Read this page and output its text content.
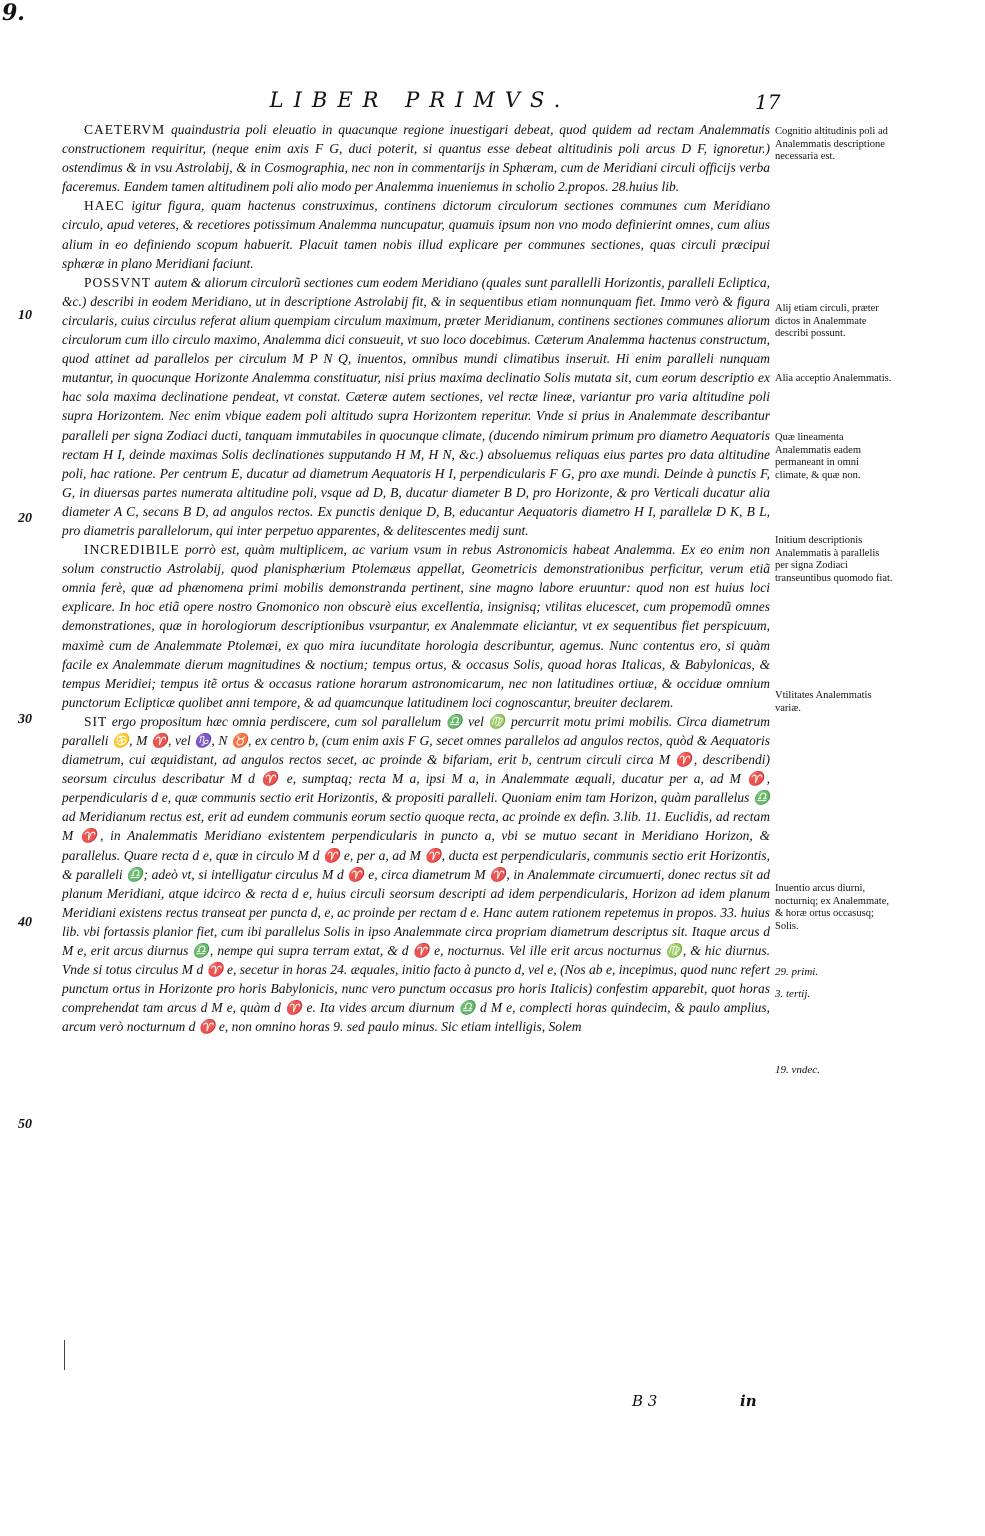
9.
LIBER PRIMVS.	17

CAETERVM quaindustria poli eleuatio in quacunque regione inuestigari debeat, quod quidem ad rectam Analemmatis constructionem requiritur, (neque enim axis F G, duci poterit, si quantus esse debeat altitudinis poli arcus D F, ignoretur.) ostendimus & in vsu Astrolabij, & in Cosmographia, nec non in commentarijs in Sphæram, cum de Meridiani circuli officijs verba faceremus. Eandem tamen altitudinem poli alio modo per Analemma inueniemus in scholio 2.propos. 28.huius lib.

HAEC igitur figura, quam hactenus construximus, continens dictorum circulorum sectiones communes cum Meridiano circulo, apud veteres, & recetiores potissimum Analemma nuncupatur, quamuis ipsum non vno modo definierint omnes, cum alius alium in eo definiendo scopum habuerit. Placuit tamen nobis illud explicare per communes sectiones, quas circuli præcipui sphæræ in plano Meridiani faciunt.

POSSVNT autem & aliorum circulorũ sectiones cum eodem Meridiano (quales sunt parallelli Horizontis, paralleli Ecliptica, &c.) describi in eodem Meridiano, ut in descriptione Astrolabij fit, & in sequentibus etiam nonnunquam fiet. Immo verò & figura circularis, cuius circulus referat alium quempiam circulum maximum, præter Meridianum, continens sectiones communes aliorum circulorum cum illo circulo maximo, Analemma dici consueuit, vt suo loco docebimus. Cæterum Analemma hactenus constructum, quod attinet ad parallelos per circulum M P N Q, inuentos, omnibus mundi climatibus inseruit. Hi enim paralleli nunquam mutantur, in quocunque Horizonte Analemma constituatur, nisi prius maxima declinatio Solis mutata sit, cum eorum descriptio ex hac sola maxima declinatione pendeat, vt constat. Cæteræ autem sectiones, vel rectæ lineæ, variantur pro varia altitudine poli supra Horizontem. Nec enim vbique eadem poli altitudo supra Horizontem reperitur. Vnde si prius in Analemmate describantur paralleli per signa Zodiaci ducti, tanquam immutabiles in quocunque climate, (ducendo nimirum primum pro diametro Aequatoris rectam H I, deinde maximas Solis declinationes supputando H M, H N, &c.) absoluemus reliquas eius partes pro data altitudine poli, hac ratione. Per centrum E, ducatur ad diametrum Aequatoris H I, perpendicularis F G, pro axe mundi. Deinde à punctis F, G, in diuersas partes numerata altitudine poli, vsque ad D, B, ducatur diameter B D, pro Horizonte, & pro Verticali ducatur alia diameter A C, secans B D, ad angulos rectos. Ex punctis denique D, B, educantur Aequatoris diametro H I, parallelæ D K, B L, pro diametris parallelorum, qui inter perpetuo apparentes, & delitescentes medij sunt.

INCREDIBILE porrò est, quàm multiplicem, ac varium vsum in rebus Astronomicis habeat Analemma. Ex eo enim non solum constructio Astrolabij, quod planisphærium Ptolemæus appellat, Geometricis demonstrationibus perficitur, verum etiã omnia ferè, quæ ad phænomena primi mobilis demonstranda pertinent, sine magno labore eruuntur: quod non est huius loci explicare. In hoc etiã opere nostro Gnomonico non obscurè eius excellentia, insignisq; vtilitas elucescet, cum propemodũ omnes demonstrationes, quæ in horologiorum descriptionibus vsurpantur, ex Analemmate eliciantur, vt ex sequentibus fiet perspicuum, maximè cum de Analemmate Ptolemæi, ex quo mira iucunditate horologia describuntur, agemus. Nunc contentus ero, si quàm facile ex Analemmate dierum magnitudines & noctium; tempus ortus, & occasus Solis, quoad horas Italicas, & Babylonicas, & tempus Meridiei; tempus itẽ ortus & occasus ratione horarum astronomicarum, nec non latitudines ortiuæ, & occiduæ omnium punctorum Eclipticæ quolibet anni tempore, & ad quamcunque latitudinem loci cognoscantur, breuiter declarem.

SIT ergo propositum hæc omnia perdiscere, cum sol parallelum ♎ vel ♍ percurrit motu primi mobilis. Circa diametrum paralleli ♋, M ♈, vel ♑, N ♉, ex centro b, (cum enim axis F G, secet omnes parallelos ad angulos rectos, quòd & Aequatoris diametrum, cui æquidistant, ad angulos rectos secet, ac proinde & bifariam, erit b, centrum circuli circa M ♈, describendi) seorsum circulus describatur M d ♈ e, sumptaq; recta M a, ipsi M a, in Analemmate æquali, ducatur per a, ad M ♈, perpendicularis d e, quæ communis sectio erit Horizontis, & propositi paralleli. Quoniam enim tam Horizon, quàm parallelus ♎ ad Meridianum rectus est, erit ad eundem communis eorum sectio quoque recta, ac proinde ex defin. 3.lib. 11. Euclidis, ad rectam M ♈, in Analemmatis Meridiano existentem perpendicularis in puncto a, vbi se mutuo secant in Meridiano Horizon, & parallelus. Quare recta d e, quæ in circulo M d ♈ e, per a, ad M ♈, ducta est perpendicularis, communis sectio erit Horizontis, & paralleli ♎; adeò vt, si intelligatur circulus M d ♈ e, circa diametrum M ♈, in Analemmate circumuerti, donec rectus sit ad planum Meridiani, atque idcirco & recta d e, huius circuli seorsum descripti ad idem perpendicularis, Horizon ad idem planum Meridiani existens rectus transeat per puncta d, e, ac proinde per rectam d e. Hanc autem rationem repetemus in propos. 33. huius lib. vbi fortassis planior fiet, cum ibi parallelus Solis in ipso Analemmate circa propriam diametrum descriptus sit. Itaque arcus d M e, erit arcus diurnus ♎, nempe qui supra terram extat, & d ♈ e, nocturnus. Vel ille erit arcus nocturnus ♍, & hic diurnus. Vnde si totus circulus M d ♈ e, secetur in horas 24. æquales, initio facto à puncto d, vel e, (Nos ab e, incepimus, quod nunc refert punctum ortus in Horizonte pro horis Babylonicis, nunc vero punctum occasus pro horis Italicis) confestim apparebit, quot horas comprehendat tam arcus d M e, quàm d ♈ e. Ita vides arcum diurnum ♎ d M e, complecti horas quindecim, & paulo amplius, arcum verò nocturnum d ♈ e, non omnino horas 9. sed paulo minus. Sic etiam intelligis, Solem

10
20
30
40
50
Cognitio altitudinis poli ad Analemmatis descriptione necessaria est.
Alij etiam circuli, præter dictos in Analemmate describi possunt.
Alia acceptio Analemmatis.
Quæ lineamenta Analemmatis eadem permaneant in omni climate, & quæ non.
Initium descriptionis Analemmatis à parallelis per signa Zodiaci transeuntibus quomodo fiat.
Vtilitates Analemmatis variæ.
Inuentio arcus diurni, nocturniq; ex Analemmate, & horæ ortus occasusq; Solis.
29. primi.
3. tertij.
19. vndec.
B 3	in
